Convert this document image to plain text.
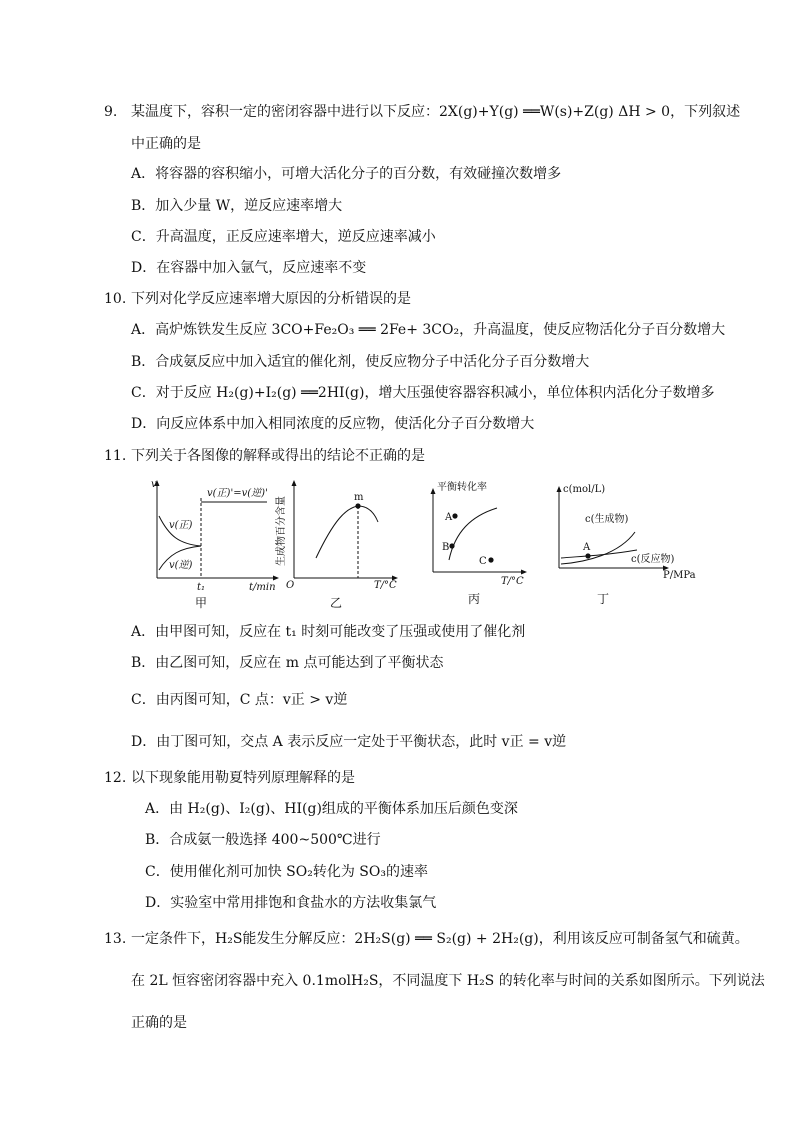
9. 某温度下，容积一定的密闭容器中进行以下反应：2X(g)+Y(g) ══W(s)+Z(g) ΔH > 0，下列叙述
中正确的是
A．将容器的容积缩小，可增大活化分子的百分数，有效碰撞次数增多
B．加入少量 W，逆反应速率增大
C．升高温度，正反应速率增大，逆反应速率减小
D．在容器中加入氩气，反应速率不变
10. 下列对化学反应速率增大原因的分析错误的是
A．高炉炼铁发生反应 3CO+Fe₂O₃ ══ 2Fe+ 3CO₂，升高温度，使反应物活化分子百分数增大
B．合成氨反应中加入适宜的催化剂，使反应物分子中活化分子百分数增大
C．对于反应 H₂(g)+I₂(g) ══2HI(g)，增大压强使容器容积减小，单位体积内活化分子数增多
D．向反应体系中加入相同浓度的反应物，使活化分子百分数增大
11. 下列关于各图像的解释或得出的结论不正确的是
v
t/min
t₁
v(正)'=v(逆)'
v(正)
v(逆)
甲
m
O	T/°C
生成物百分含量
乙
A
B
C
平衡转化率
T/°C
丙
A
c(mol/L)
P/MPa
c(生成物)
c(反应物)
丁
A．由甲图可知，反应在 t₁ 时刻可能改变了压强或使用了催化剂
B．由乙图可知，反应在 m 点可能达到了平衡状态
C．由丙图可知，C 点：v正 > v逆
D．由丁图可知，交点 A 表示反应一定处于平衡状态，此时 v正 = v逆
12. 以下现象能用勒夏特列原理解释的是
A．由 H₂(g)、I₂(g)、HI(g)组成的平衡体系加压后颜色变深
B．合成氨一般选择 400~500℃进行
C．使用催化剂可加快 SO₂转化为 SO₃的速率
D．实验室中常用排饱和食盐水的方法收集氯气
13. 一定条件下，H₂S能发生分解反应：2H₂S(g) ══ S₂(g) + 2H₂(g)，利用该反应可制备氢气和硫黄。
在 2L 恒容密闭容器中充入 0.1molH₂S，不同温度下 H₂S 的转化率与时间的关系如图所示。下列说法
正确的是
